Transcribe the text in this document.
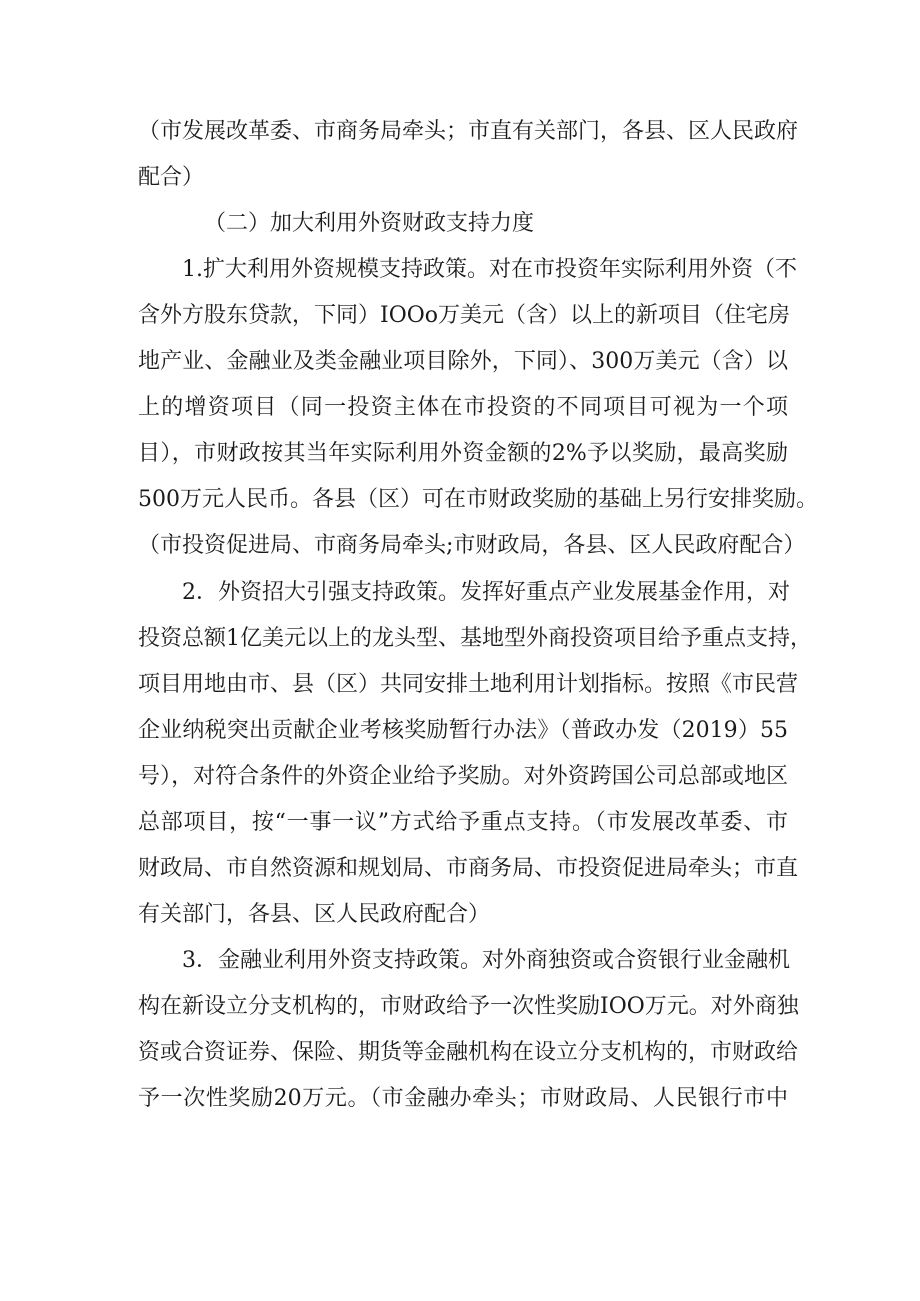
（市发展改革委、市商务局牵头；市直有关部门，各县、区人民政府
配合）
（二）加大利用外资财政支持力度
1.扩大利用外资规模支持政策。对在市投资年实际利用外资（不
含外方股东贷款，下同）IOOo万美元（含）以上的新项目（住宅房
地产业、金融业及类金融业项目除外，下同）、300万美元（含）以
上的增资项目（同一投资主体在市投资的不同项目可视为一个项
目），市财政按其当年实际利用外资金额的2%予以奖励，最高奖励
500万元人民币。各县（区）可在市财政奖励的基础上另行安排奖励。
（市投资促进局、市商务局牵头;市财政局，各县、区人民政府配合）
2．外资招大引强支持政策。发挥好重点产业发展基金作用，对
投资总额1亿美元以上的龙头型、基地型外商投资项目给予重点支持，
项目用地由市、县（区）共同安排土地利用计划指标。按照《市民营
企业纳税突出贡献企业考核奖励暂行办法》（普政办发（2019）55
号），对符合条件的外资企业给予奖励。对外资跨国公司总部或地区
总部项目，按“一事一议”方式给予重点支持。（市发展改革委、市
财政局、市自然资源和规划局、市商务局、市投资促进局牵头；市直
有关部门，各县、区人民政府配合）
3．金融业利用外资支持政策。对外商独资或合资银行业金融机
构在新设立分支机构的，市财政给予一次性奖励IOO万元。对外商独
资或合资证券、保险、期货等金融机构在设立分支机构的，市财政给
予一次性奖励20万元。（市金融办牵头；市财政局、人民银行市中
